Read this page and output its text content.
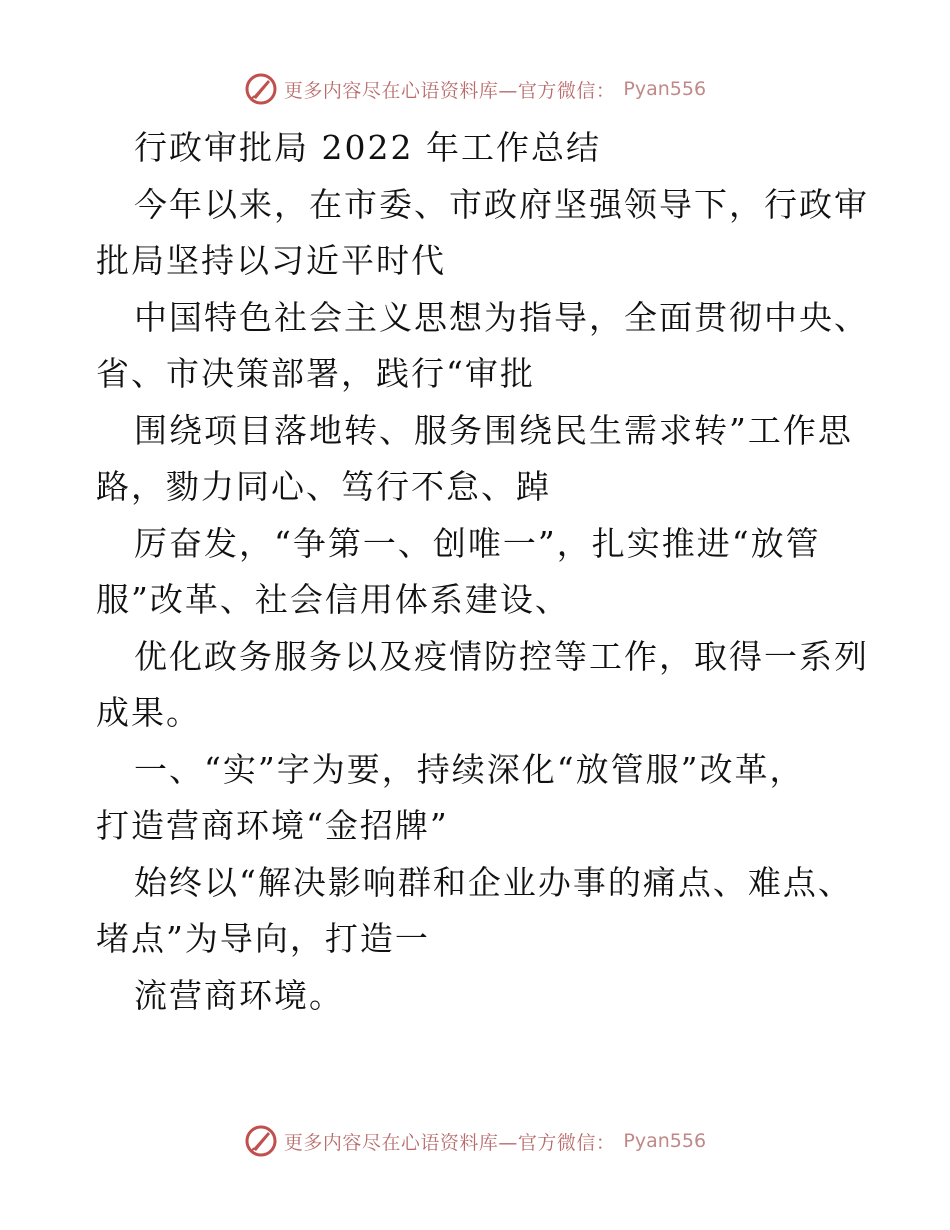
更多内容尽在心语资料库—官方微信： Pyan556
行政审批局 2022 年工作总结
今年以来，在市委、市政府坚强领导下，行政审
批局坚持以习近平时代
中国特色社会主义思想为指导，全面贯彻中央、
省、市决策部署，践行“审批
围绕项目落地转、服务围绕民生需求转”工作思
路，勠力同心、笃行不怠、踔
厉奋发，“争第一、创唯一”，扎实推进“放管
服”改革、社会信用体系建设、
优化政务服务以及疫情防控等工作，取得一系列
成果。
一、“实”字为要，持续深化“放管服”改革，
打造营商环境“金招牌”
始终以“解决影响群和企业办事的痛点、难点、
堵点”为导向，打造一
流营商环境。
更多内容尽在心语资料库—官方微信： Pyan556
